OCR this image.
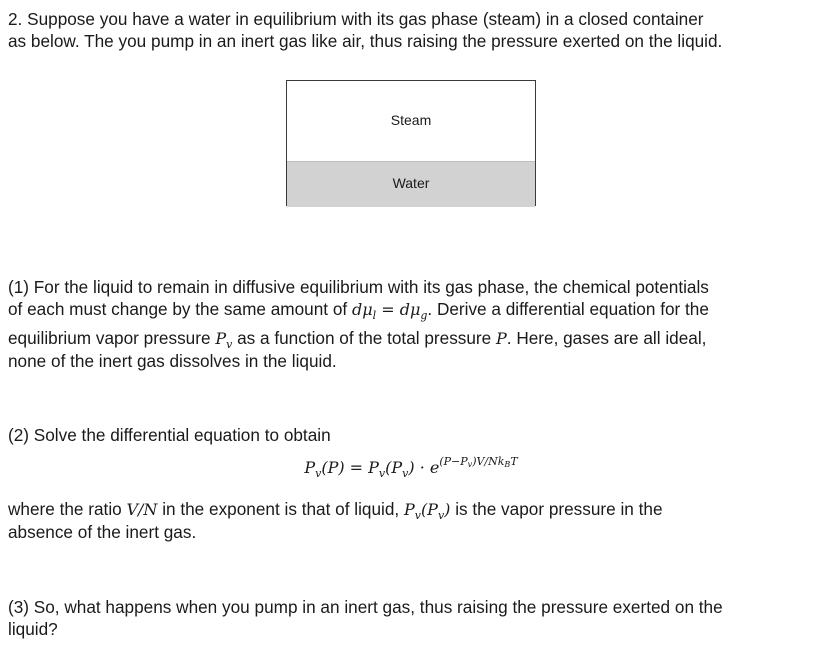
2. Suppose you have a water in equilibrium with its gas phase (steam) in a closed container
as below. The you pump in an inert gas like air, thus raising the pressure exerted on the liquid.
Steam
Water
(1) For the liquid to remain in diffusive equilibrium with its gas phase, the chemical potentials
of each must change by the same amount of $d\mu_l = d\mu_g$. Derive a differential equation for the
equilibrium vapor pressure $P_v$ as a function of the total pressure P. Here, gases are all ideal,
none of the inert gas dissolves in the liquid.
(2) Solve the differential equation to obtain
$P_v(P) = P_v(P_v) \cdot e^{(P-P_v)V/Nk_BT}$
where the ratio V/N in the exponent is that of liquid, $P_v(P_v)$ is the vapor pressure in the
absence of the inert gas.
(3) So, what happens when you pump in an inert gas, thus raising the pressure exerted on the
liquid?
